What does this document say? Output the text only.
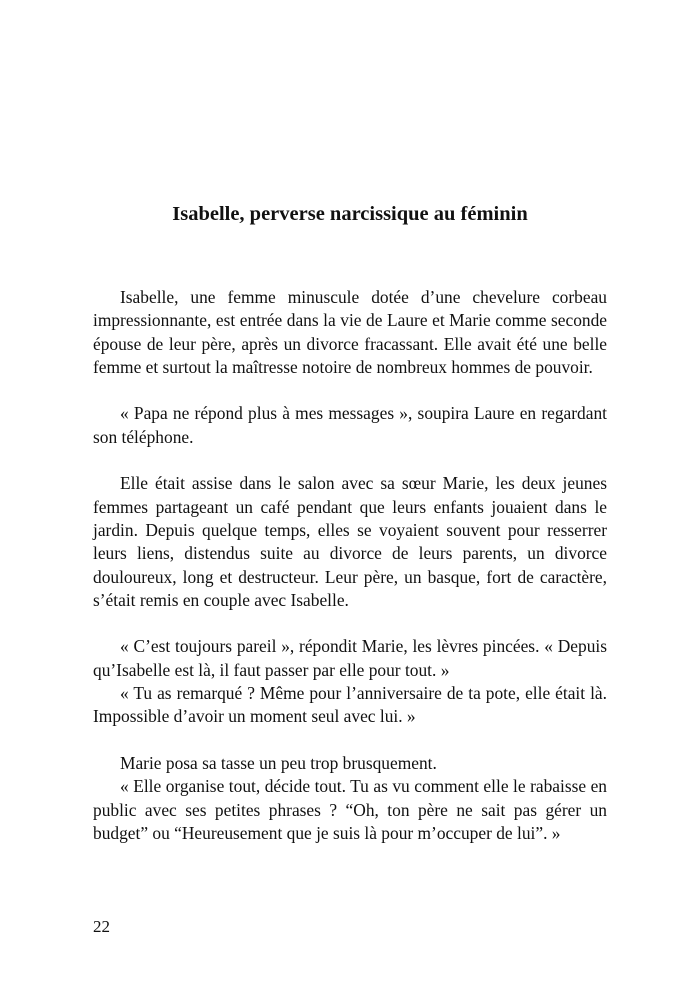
Isabelle, perverse narcissique au féminin

Isabelle, une femme minuscule dotée d’une chevelure corbeau impressionnante, est entrée dans la vie de Laure et Marie comme seconde épouse de leur père, après un divorce fracassant. Elle avait été une belle femme et surtout la maîtresse notoire de nombreux hommes de pouvoir.

« Papa ne répond plus à mes messages », soupira Laure en regardant son téléphone.

Elle était assise dans le salon avec sa sœur Marie, les deux jeunes femmes partageant un café pendant que leurs enfants jouaient dans le jardin. Depuis quelque temps, elles se voyaient souvent pour resserrer leurs liens, distendus suite au divorce de leurs parents, un divorce douloureux, long et destructeur. Leur père, un basque, fort de caractère, s’était remis en couple avec Isabelle.

« C’est toujours pareil », répondit Marie, les lèvres pincées. « Depuis qu’Isabelle est là, il faut passer par elle pour tout. »

« Tu as remarqué ? Même pour l’anniversaire de ta pote, elle était là. Impossible d’avoir un moment seul avec lui. »

Marie posa sa tasse un peu trop brusquement.

« Elle organise tout, décide tout. Tu as vu comment elle le rabaisse en public avec ses petites phrases ? “Oh, ton père ne sait pas gérer un budget” ou “Heureusement que je suis là pour m’occuper de lui”. »

22
